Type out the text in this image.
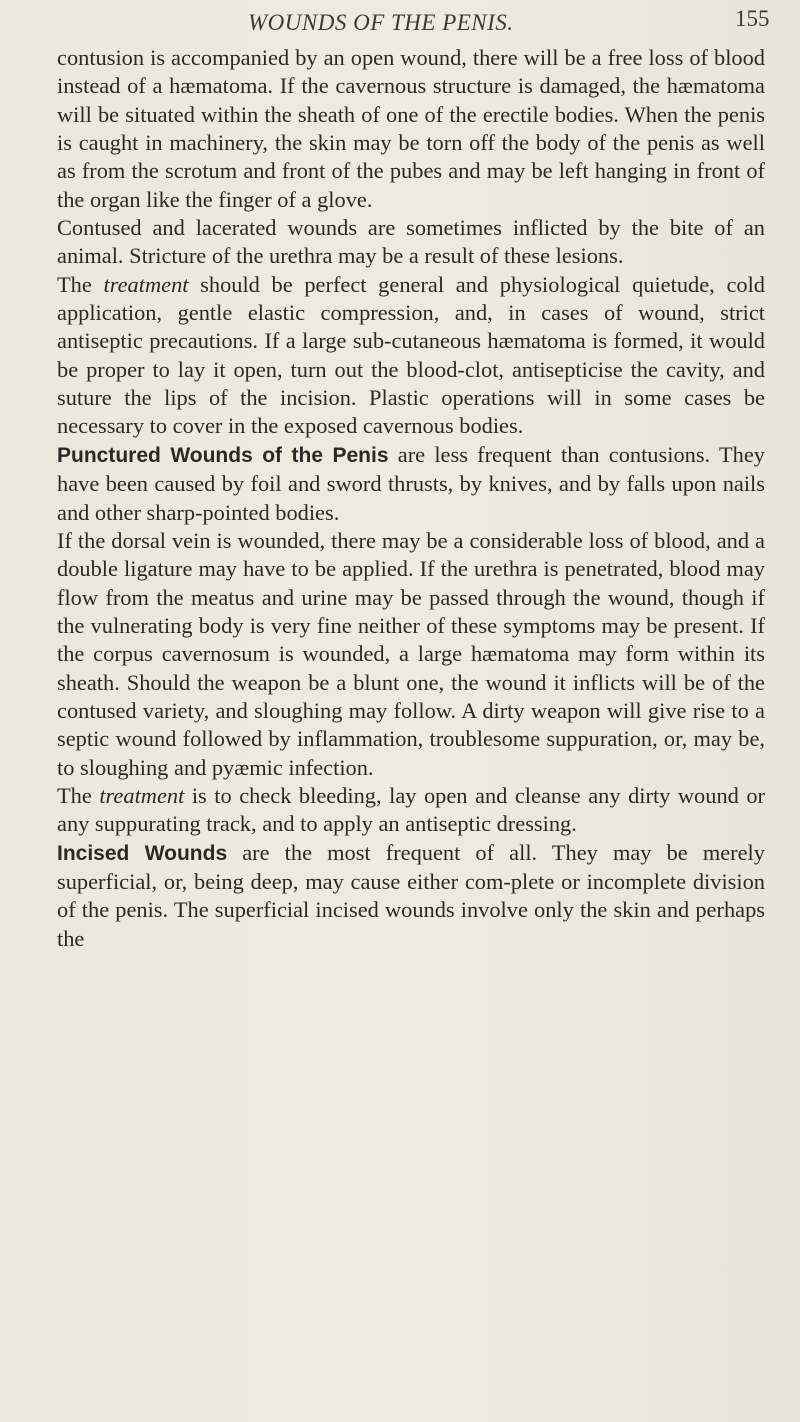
WOUNDS OF THE PENIS.	155

contusion is accompanied by an open wound, there will be a free loss of blood instead of a hæmatoma. If the cavernous structure is damaged, the hæmatoma will be situated within the sheath of one of the erectile bodies. When the penis is caught in machinery, the skin may be torn off the body of the penis as well as from the scrotum and front of the pubes and may be left hanging in front of the organ like the finger of a glove.

Contused and lacerated wounds are sometimes inflicted by the bite of an animal. Stricture of the urethra may be a result of these lesions.

The treatment should be perfect general and physiological quietude, cold application, gentle elastic compression, and, in cases of wound, strict antiseptic precautions. If a large sub-cutaneous hæmatoma is formed, it would be proper to lay it open, turn out the blood-clot, antisepticise the cavity, and suture the lips of the incision. Plastic operations will in some cases be necessary to cover in the exposed cavernous bodies.

Punctured Wounds of the Penis are less frequent than contusions. They have been caused by foil and sword thrusts, by knives, and by falls upon nails and other sharp-pointed bodies.

If the dorsal vein is wounded, there may be a considerable loss of blood, and a double ligature may have to be applied. If the urethra is penetrated, blood may flow from the meatus and urine may be passed through the wound, though if the vulnerating body is very fine neither of these symptoms may be present. If the corpus cavernosum is wounded, a large hæmatoma may form within its sheath. Should the weapon be a blunt one, the wound it inflicts will be of the contused variety, and sloughing may follow. A dirty weapon will give rise to a septic wound followed by inflammation, troublesome suppuration, or, may be, to sloughing and pyæmic infection.

The treatment is to check bleeding, lay open and cleanse any dirty wound or any suppurating track, and to apply an antiseptic dressing.

Incised Wounds are the most frequent of all. They may be merely superficial, or, being deep, may cause either com-plete or incomplete division of the penis. The superficial incised wounds involve only the skin and perhaps the
